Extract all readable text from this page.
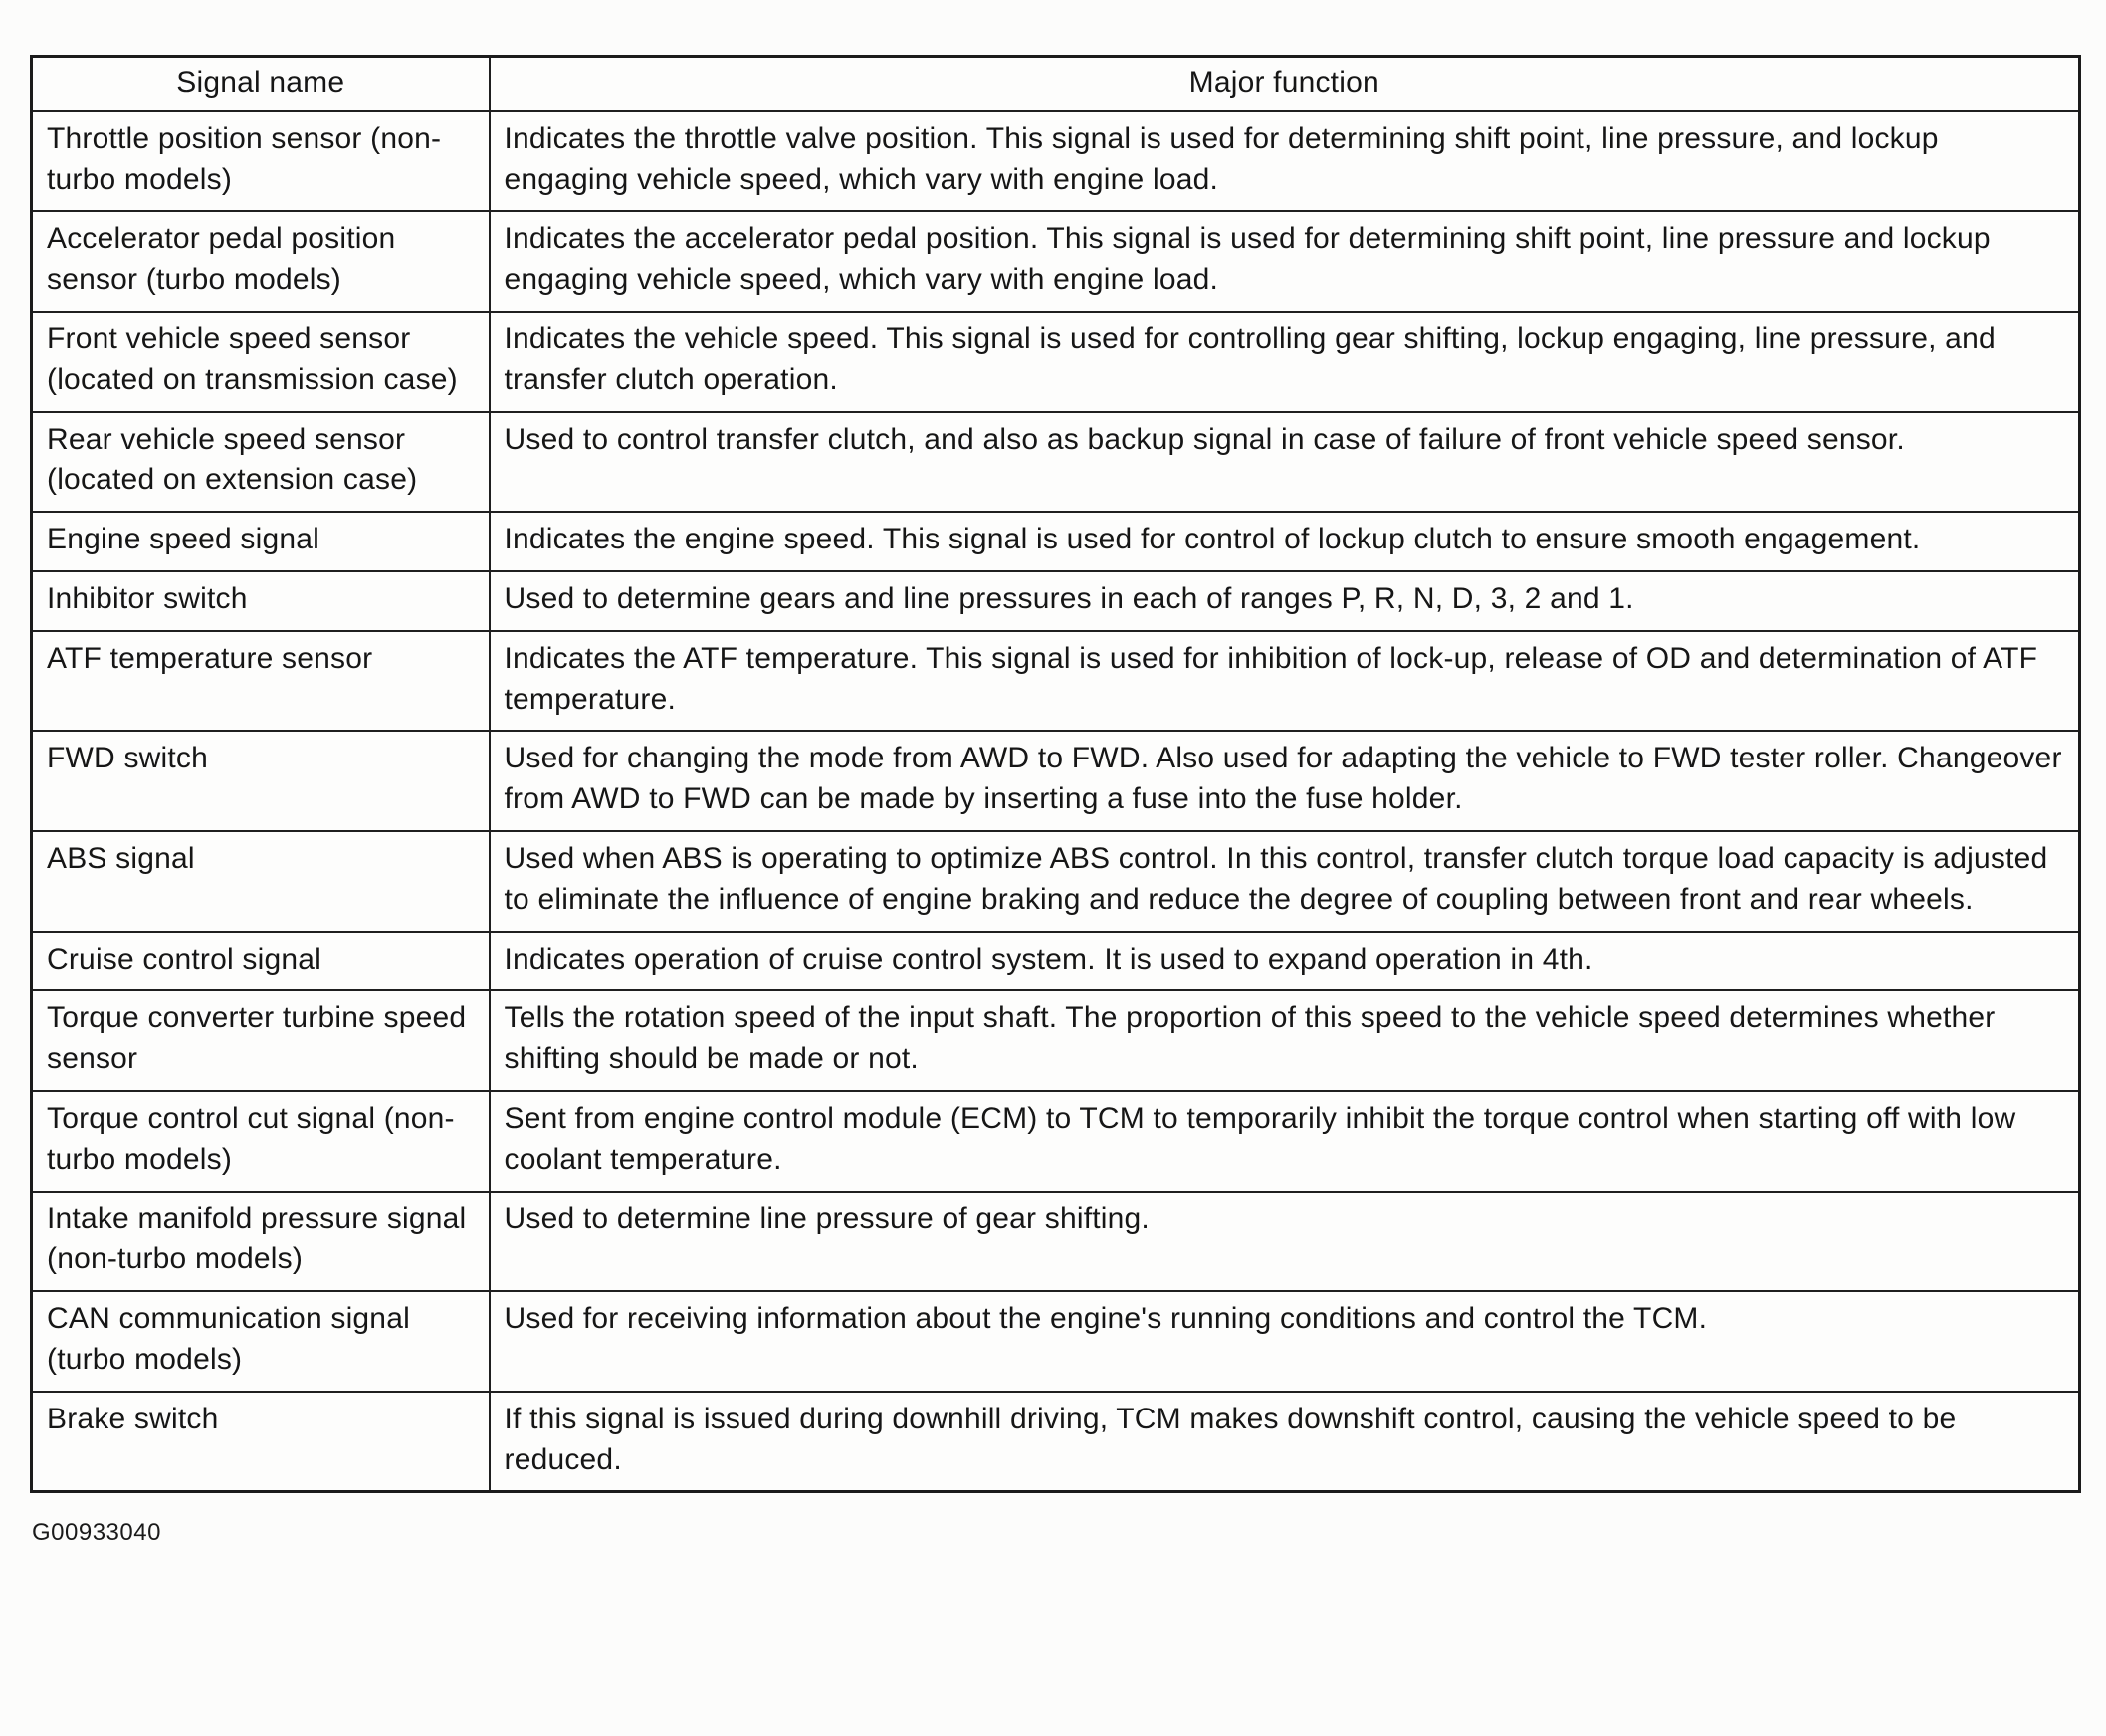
Signal name	Major function
Throttle position sensor (non-turbo models)	Indicates the throttle valve position. This signal is used for determining shift point, line pressure, and lockup engaging vehicle speed, which vary with engine load.
Accelerator pedal position sensor (turbo models)	Indicates the accelerator pedal position. This signal is used for determining shift point, line pressure and lockup engaging vehicle speed, which vary with engine load.
Front vehicle speed sensor (located on transmission case)	Indicates the vehicle speed. This signal is used for controlling gear shifting, lockup engaging, line pressure, and transfer clutch operation.
Rear vehicle speed sensor (located on extension case)	Used to control transfer clutch, and also as backup signal in case of failure of front vehicle speed sensor.
Engine speed signal	Indicates the engine speed. This signal is used for control of lockup clutch to ensure smooth engagement.
Inhibitor switch	Used to determine gears and line pressures in each of ranges P, R, N, D, 3, 2 and 1.
ATF temperature sensor	Indicates the ATF temperature. This signal is used for inhibition of lock-up, release of OD and determination of ATF temperature.
FWD switch	Used for changing the mode from AWD to FWD. Also used for adapting the vehicle to FWD tester roller. Changeover from AWD to FWD can be made by inserting a fuse into the fuse holder.
ABS signal	Used when ABS is operating to optimize ABS control. In this control, transfer clutch torque load capacity is adjusted to eliminate the influence of engine braking and reduce the degree of coupling between front and rear wheels.
Cruise control signal	Indicates operation of cruise control system. It is used to expand operation in 4th.
Torque converter turbine speed sensor	Tells the rotation speed of the input shaft. The proportion of this speed to the vehicle speed determines whether shifting should be made or not.
Torque control cut signal (non-turbo models)	Sent from engine control module (ECM) to TCM to temporarily inhibit the torque control when starting off with low coolant temperature.
Intake manifold pressure signal (non-turbo models)	Used to determine line pressure of gear shifting.
CAN communication signal (turbo models)	Used for receiving information about the engine's running conditions and control the TCM.
Brake switch	If this signal is issued during downhill driving, TCM makes downshift control, causing the vehicle speed to be reduced.
G00933040
